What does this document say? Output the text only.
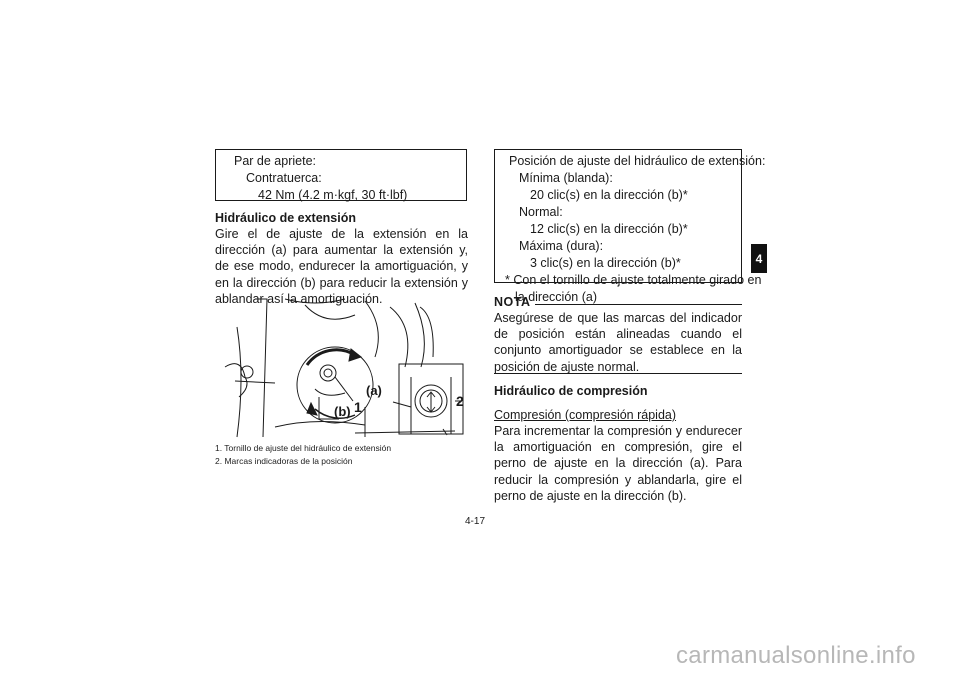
Par de apriete:
Contratuerca:
42 Nm (4.2 m·kgf, 30 ft·lbf)
Hidráulico de extensión
Gire el de ajuste de la extensión en la dirección (a) para aumentar la extensión y, de ese modo, endurecer la amortiguación, y en la dirección (b) para reducir la extensión y ablandar así la amortiguación.
(a)
(b) 1	2
1. Tornillo de ajuste del hidráulico de extensión
2. Marcas indicadoras de la posición
Posición de ajuste del hidráulico de extensión:
Mínima (blanda):
20 clic(s) en la dirección (b)*
Normal:
12 clic(s) en la dirección (b)*
Máxima (dura):
3 clic(s) en la dirección (b)*
* Con el tornillo de ajuste totalmente girado en
la dirección (a)
NOTA
Asegúrese de que las marcas del indicador de posición están alineadas cuando el conjunto amortiguador se establece en la posición de ajuste normal.
Hidráulico de compresión
Compresión (compresión rápida)
Para incrementar la compresión y endurecer la amortiguación en compresión, gire el perno de ajuste en la dirección (a). Para reducir la compresión y ablandarla, gire el perno de ajuste en la dirección (b).
4
4-17
carmanualsonline.info
